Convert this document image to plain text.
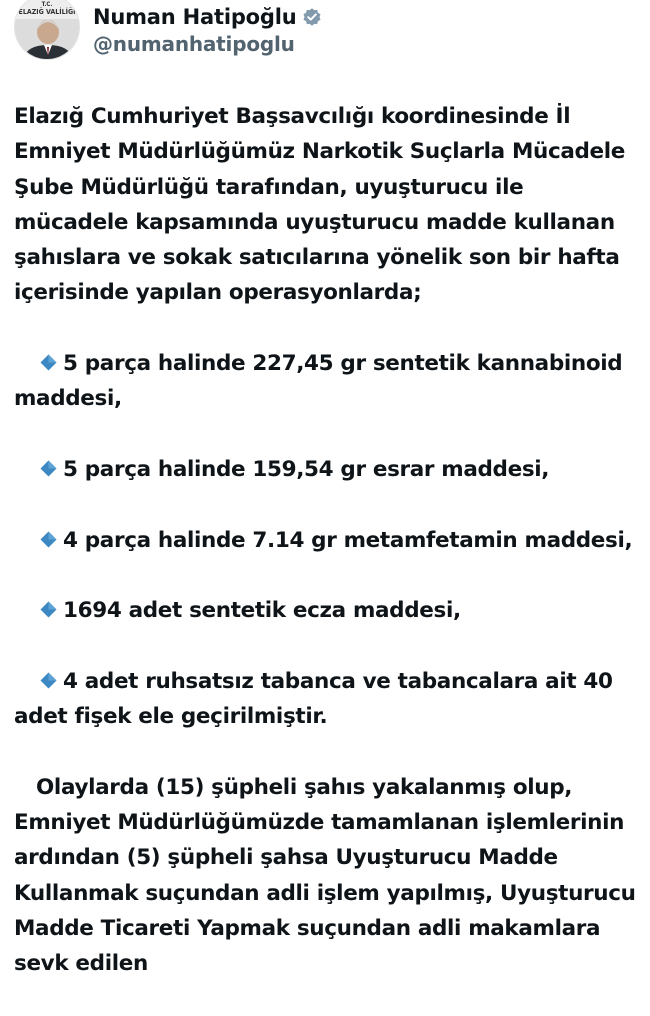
T.C.
ELAZIĞ VALİLİĞİ Numan Hatipoğlu
@numanhatipoglu

Elazığ Cumhuriyet Başsavcılığı koordinesinde İl Emniyet Müdürlüğümüz Narkotik Suçlarla Mücadele Şube Müdürlüğü tarafından, uyuşturucu ile mücadele kapsamında uyuşturucu madde kullanan şahıslara ve sokak satıcılarına yönelik son bir hafta içerisinde yapılan operasyonlarda;

5 parça halinde 227,45 gr sentetik kannabinoid maddesi,

5 parça halinde 159,54 gr esrar maddesi,

4 parça halinde 7.14 gr metamfetamin maddesi,

1694 adet sentetik ecza maddesi,

4 adet ruhsatsız tabanca ve tabancalara ait 40 adet fişek ele geçirilmiştir.

Olaylarda (15) şüpheli şahıs yakalanmış olup, Emniyet Müdürlüğümüzde tamamlanan işlemlerinin ardından (5) şüpheli şahsa Uyuşturucu Madde Kullanmak suçundan adli işlem yapılmış, Uyuşturucu Madde Ticareti Yapmak suçundan adli makamlara sevk edilen
